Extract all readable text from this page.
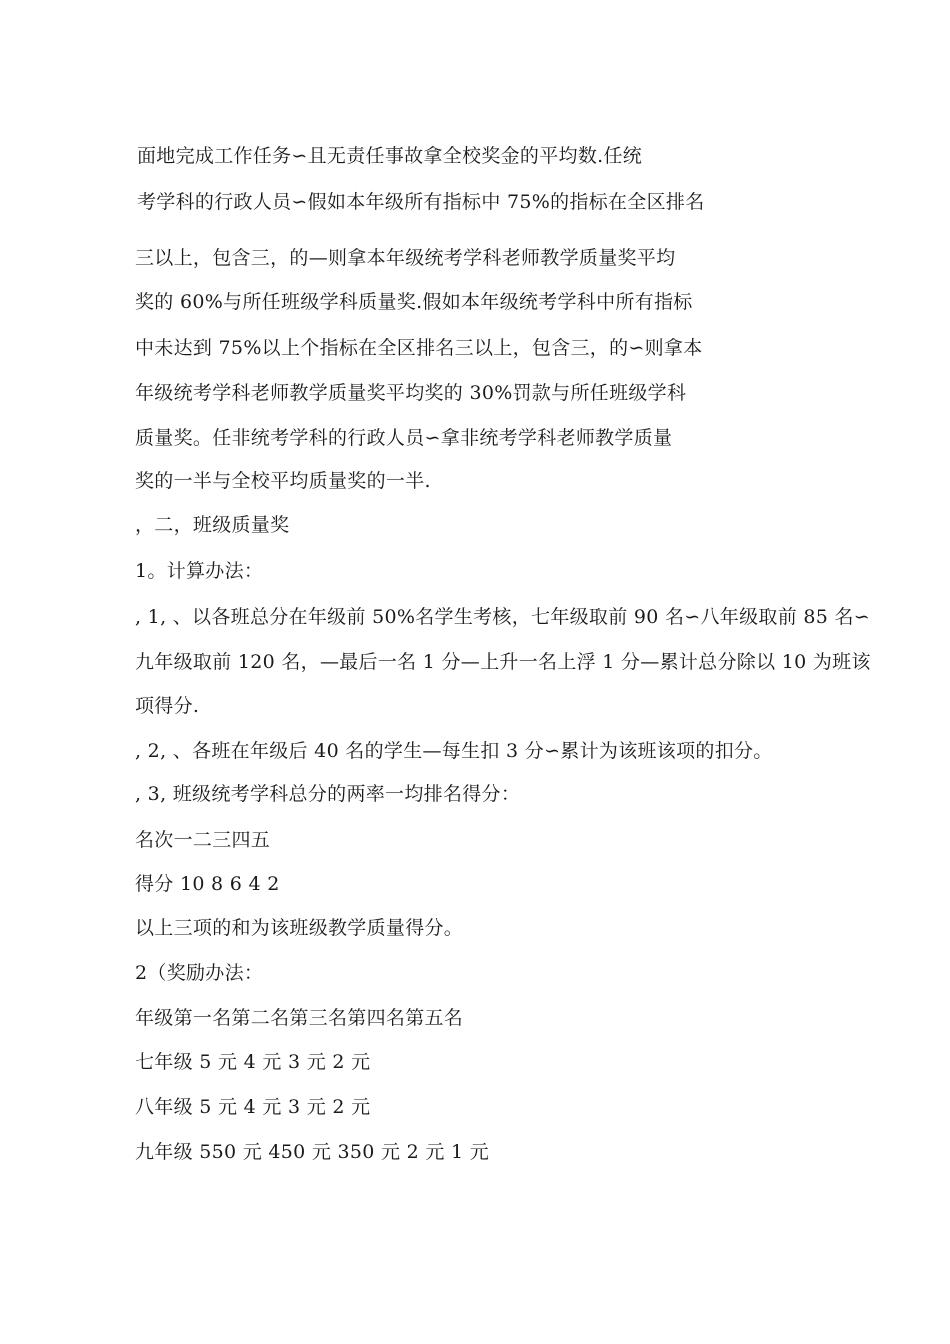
面地完成工作任务∽且无责任事故拿全校奖金的平均数.任统
考学科的行政人员∽假如本年级所有指标中 75%的指标在全区排名
三以上，包含三，的—则拿本年级统考学科老师教学质量奖平均
奖的 60%与所任班级学科质量奖.假如本年级统考学科中所有指标
中未达到 75%以上个指标在全区排名三以上，包含三，的∽则拿本
年级统考学科老师教学质量奖平均奖的 30%罚款与所任班级学科
质量奖。任非统考学科的行政人员∽拿非统考学科老师教学质量
奖的一半与全校平均质量奖的一半.
，二，班级质量奖
1。计算办法：
, 1, 、以各班总分在年级前 50%名学生考核，七年级取前 90 名∽八年级取前 85 名∽
九年级取前 120 名，—最后一名 1 分—上升一名上浮 1 分—累计总分除以 10 为班该
项得分.
, 2, 、各班在年级后 40 名的学生—每生扣 3 分∽累计为该班该项的扣分。
, 3, 班级统考学科总分的两率一均排名得分：
名次一二三四五
得分 10 8 6 4 2
以上三项的和为该班级教学质量得分。
2（奖励办法：
年级第一名第二名第三名第四名第五名
七年级 5 元 4 元 3 元 2 元
八年级 5 元 4 元 3 元 2 元
九年级 550 元 450 元 350 元 2 元 1 元
